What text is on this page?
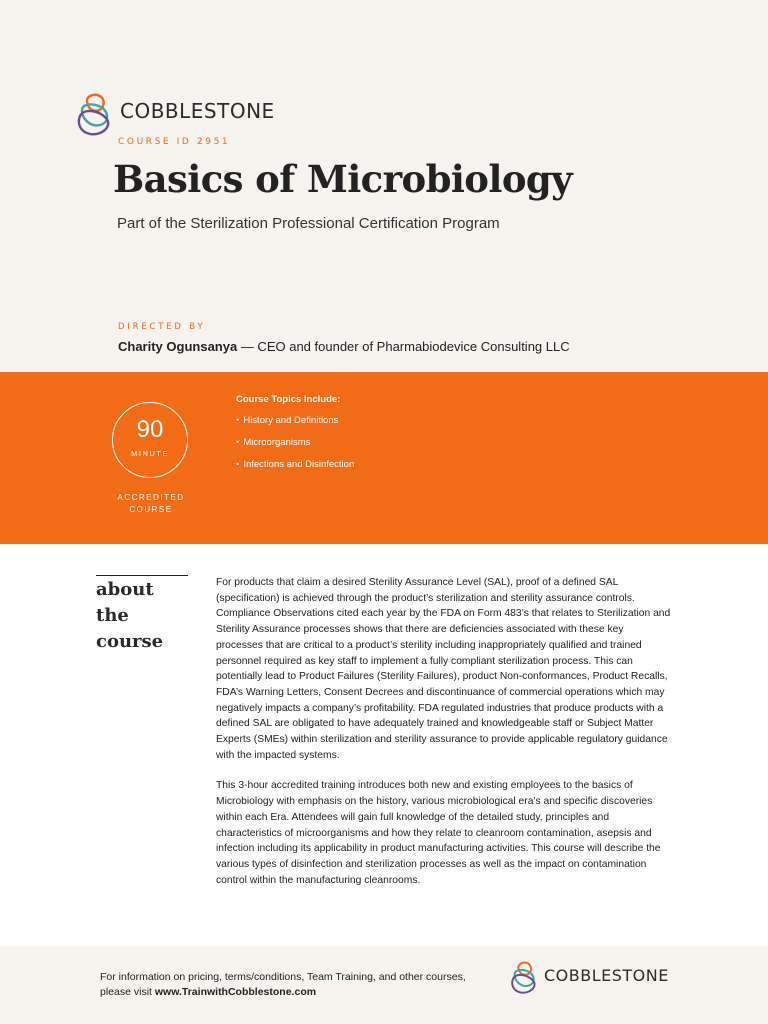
COBBLESTONE
COURSE ID 2951
Basics of Microbiology
Part of the Sterilization Professional Certification Program
DIRECTED BY
Charity Ogunsanya — CEO and founder of Pharmabiodevice Consulting LLC
90
MINUTE
ACCREDITED
COURSE
Course Topics Include:
• History and Definitions
• Microorganisms
• Infections and Disinfection
about
the
course

For products that claim a desired Sterility Assurance Level (SAL), proof of a defined SAL (specification) is achieved through the product’s sterilization and sterility assurance controls. Compliance Observations cited each year by the FDA on Form 483’s that relates to Sterilization and Sterility Assurance processes shows that there are deficiencies associated with these key processes that are critical to a product’s sterility including inappropriately qualified and trained personnel required as key staff to implement a fully compliant sterilization process. This can potentially lead to Product Failures (Sterility Failures), product Non-conformances, Product Recalls, FDA’s Warning Letters, Consent Decrees and discontinuance of commercial operations which may negatively impacts a company’s profitability. FDA regulated industries that produce products with a defined SAL are obligated to have adequately trained and knowledgeable staff or Subject Matter Experts (SMEs) within sterilization and sterility assurance to provide applicable regulatory guidance with the impacted systems.

This 3-hour accredited training introduces both new and existing employees to the basics of Microbiology with emphasis on the history, various microbiological era’s and specific discoveries within each Era. Attendees will gain full knowledge of the detailed study, principles and characteristics of microorganisms and how they relate to cleanroom contamination, asepsis and infection including its applicability in product manufacturing activities. This course will describe the various types of disinfection and sterilization processes as well as the impact on contamination control within the manufacturing cleanrooms.

For information on pricing, terms/conditions, Team Training, and other courses, please visit www.TrainwithCobblestone.com
COBBLESTONE
